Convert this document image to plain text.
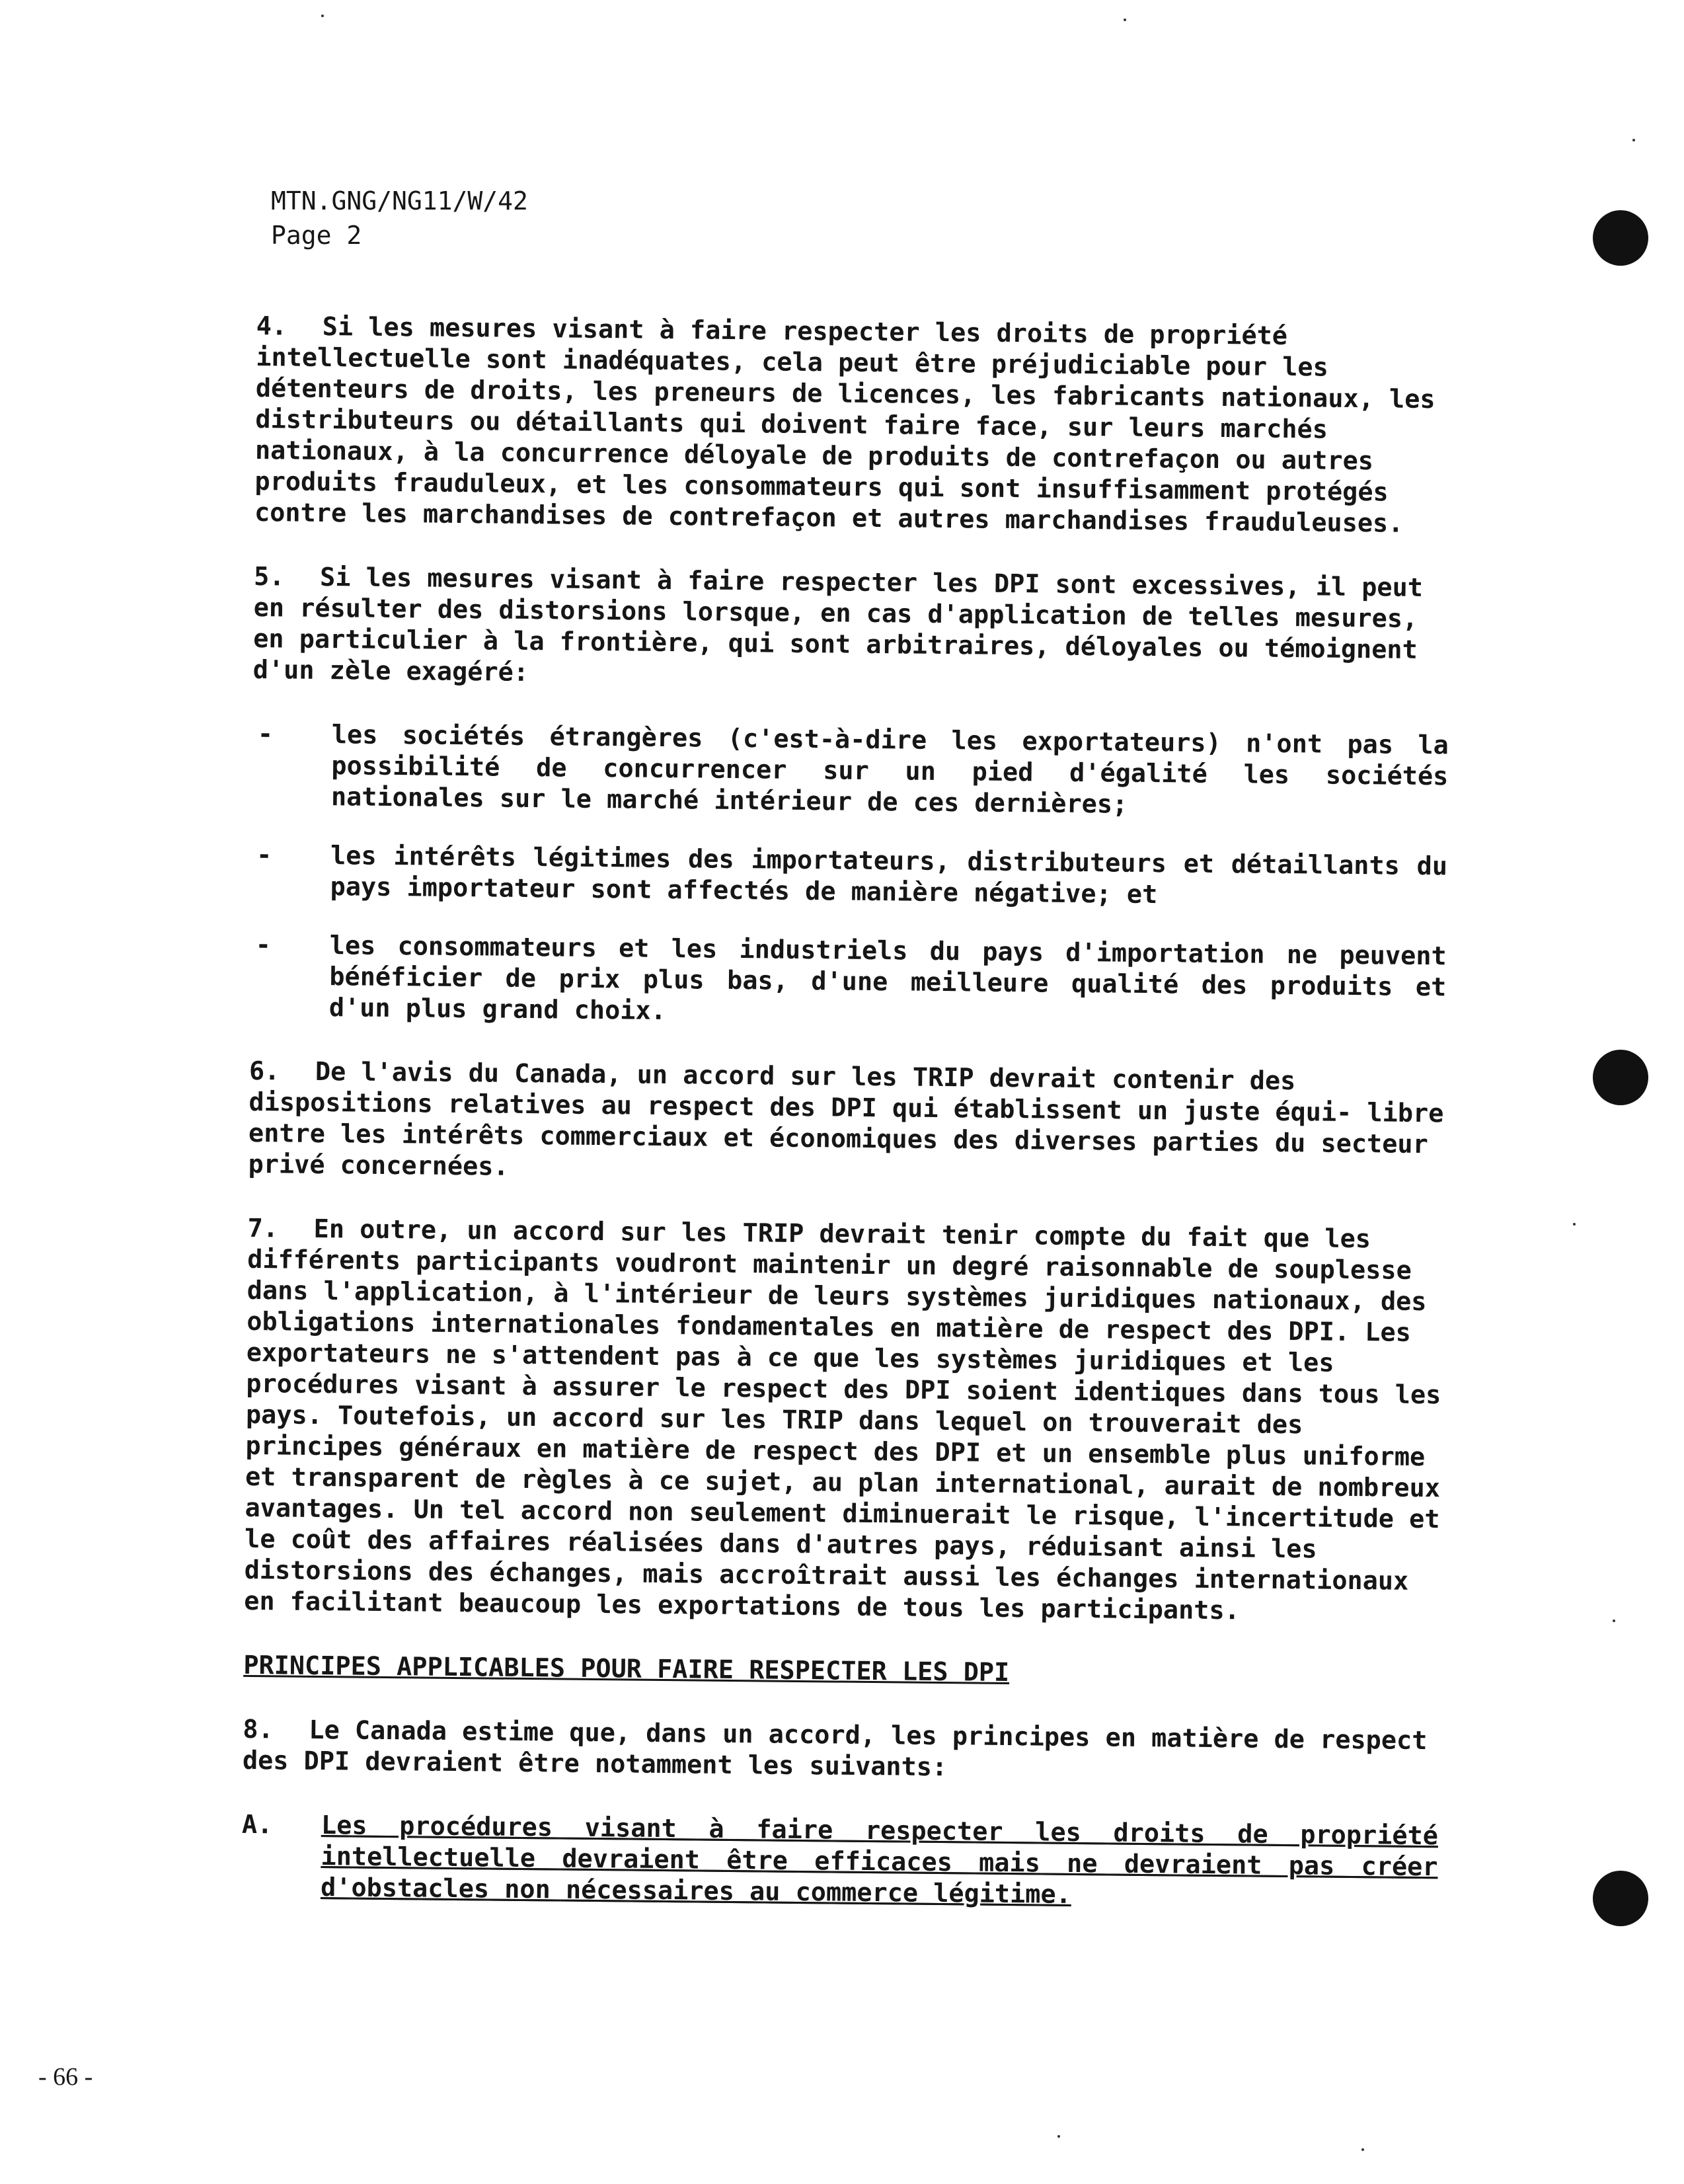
MTN.GNG/NG11/W/42
Page 2
4. Si les mesures visant à faire respecter les droits de propriété intellectuelle sont inadéquates, cela peut être préjudiciable pour les détenteurs de droits, les preneurs de licences, les fabricants nationaux, les distributeurs ou détaillants qui doivent faire face, sur leurs marchés nationaux, à la concurrence déloyale de produits de contrefaçon ou autres produits frauduleux, et les consommateurs qui sont insuffisamment protégés contre les marchandises de contrefaçon et autres marchandises frauduleuses.
5. Si les mesures visant à faire respecter les DPI sont excessives, il peut en résulter des distorsions lorsque, en cas d'application de telles mesures, en particulier à la frontière, qui sont arbitraires, déloyales ou témoignent d'un zèle exagéré:
- les sociétés étrangères (c'est-à-dire les exportateurs) n'ont pas la possibilité de concurrencer sur un pied d'égalité les sociétés nationales sur le marché intérieur de ces dernières;
- les intérêts légitimes des importateurs, distributeurs et détaillants du pays importateur sont affectés de manière négative; et
- les consommateurs et les industriels du pays d'importation ne peuvent bénéficier de prix plus bas, d'une meilleure qualité des produits et d'un plus grand choix.
6. De l'avis du Canada, un accord sur les TRIP devrait contenir des dispositions relatives au respect des DPI qui établissent un juste équi- libre entre les intérêts commerciaux et économiques des diverses parties du secteur privé concernées.
7. En outre, un accord sur les TRIP devrait tenir compte du fait que les différents participants voudront maintenir un degré raisonnable de souplesse dans l'application, à l'intérieur de leurs systèmes juridiques nationaux, des obligations internationales fondamentales en matière de respect des DPI. Les exportateurs ne s'attendent pas à ce que les systèmes juridiques et les procédures visant à assurer le respect des DPI soient identiques dans tous les pays. Toutefois, un accord sur les TRIP dans lequel on trouverait des principes généraux en matière de respect des DPI et un ensemble plus uniforme et transparent de règles à ce sujet, au plan international, aurait de nombreux avantages. Un tel accord non seulement diminuerait le risque, l'incertitude et le coût des affaires réalisées dans d'autres pays, réduisant ainsi les distorsions des échanges, mais accroîtrait aussi les échanges internationaux en facilitant beaucoup les exportations de tous les participants.
PRINCIPES APPLICABLES POUR FAIRE RESPECTER LES DPI
8. Le Canada estime que, dans un accord, les principes en matière de respect des DPI devraient être notamment les suivants:
A. Les procédures visant à faire respecter les droits de propriété intellectuelle devraient être efficaces mais ne devraient pas créer d'obstacles non nécessaires au commerce légitime.
- 66 -
